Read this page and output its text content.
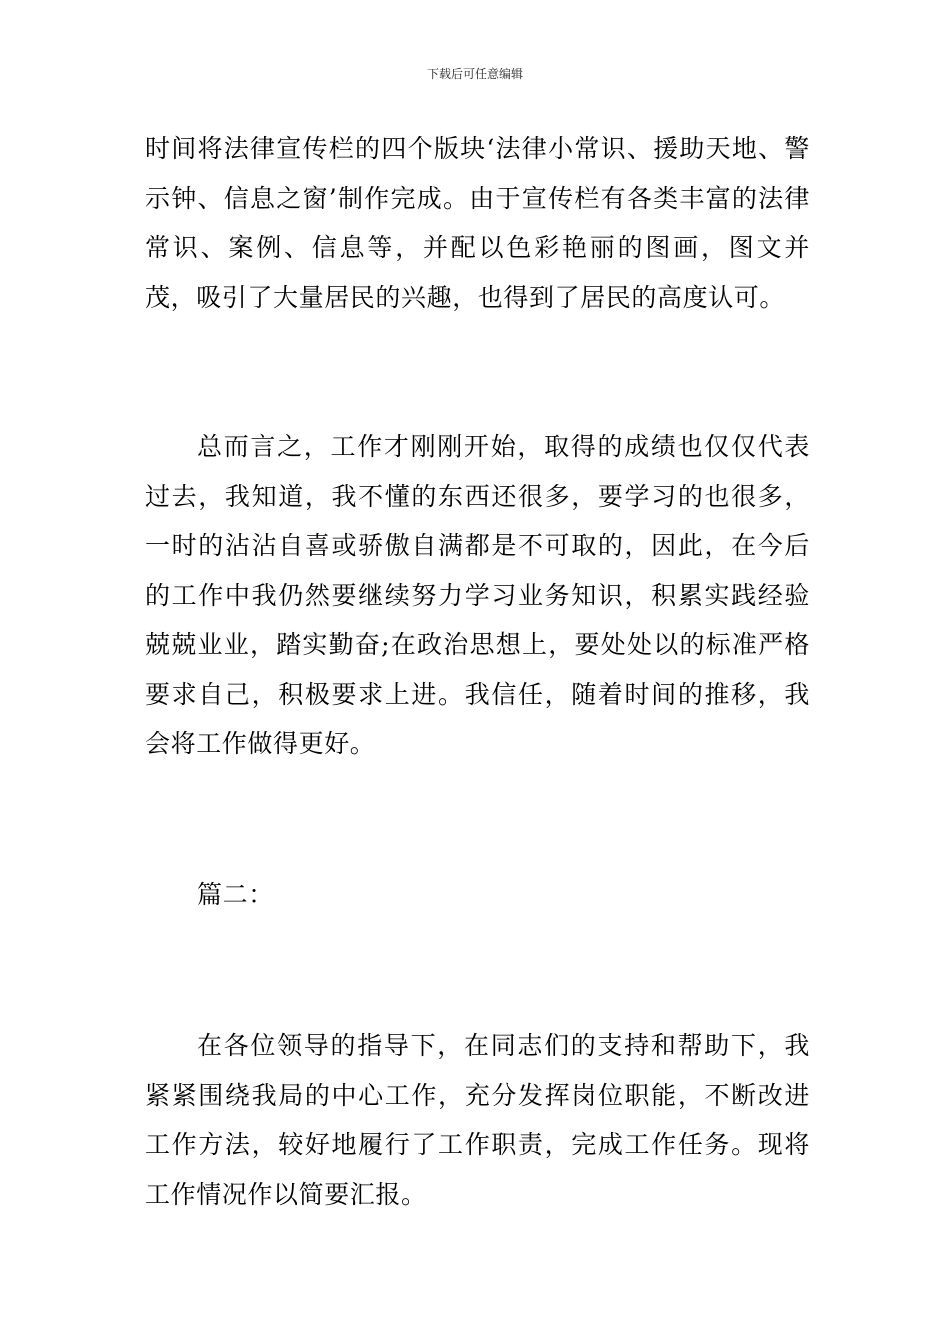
下载后可任意编辑

时间将法律宣传栏的四个版块‘法律小常识、援助天地、警示钟、信息之窗’制作完成。由于宣传栏有各类丰富的法律常识、案例、信息等，并配以色彩艳丽的图画，图文并茂，吸引了大量居民的兴趣，也得到了居民的高度认可。

总而言之，工作才刚刚开始，取得的成绩也仅仅代表过去，我知道，我不懂的东西还很多，要学习的也很多，一时的沾沾自喜或骄傲自满都是不可取的，因此，在今后的工作中我仍然要继续努力学习业务知识，积累实践经验兢兢业业，踏实勤奋;在政治思想上，要处处以的标准严格要求自己，积极要求上进。我信任，随着时间的推移，我会将工作做得更好。

篇二：

在各位领导的指导下，在同志们的支持和帮助下，我紧紧围绕我局的中心工作，充分发挥岗位职能，不断改进工作方法，较好地履行了工作职责，完成工作任务。现将工作情况作以简要汇报。
